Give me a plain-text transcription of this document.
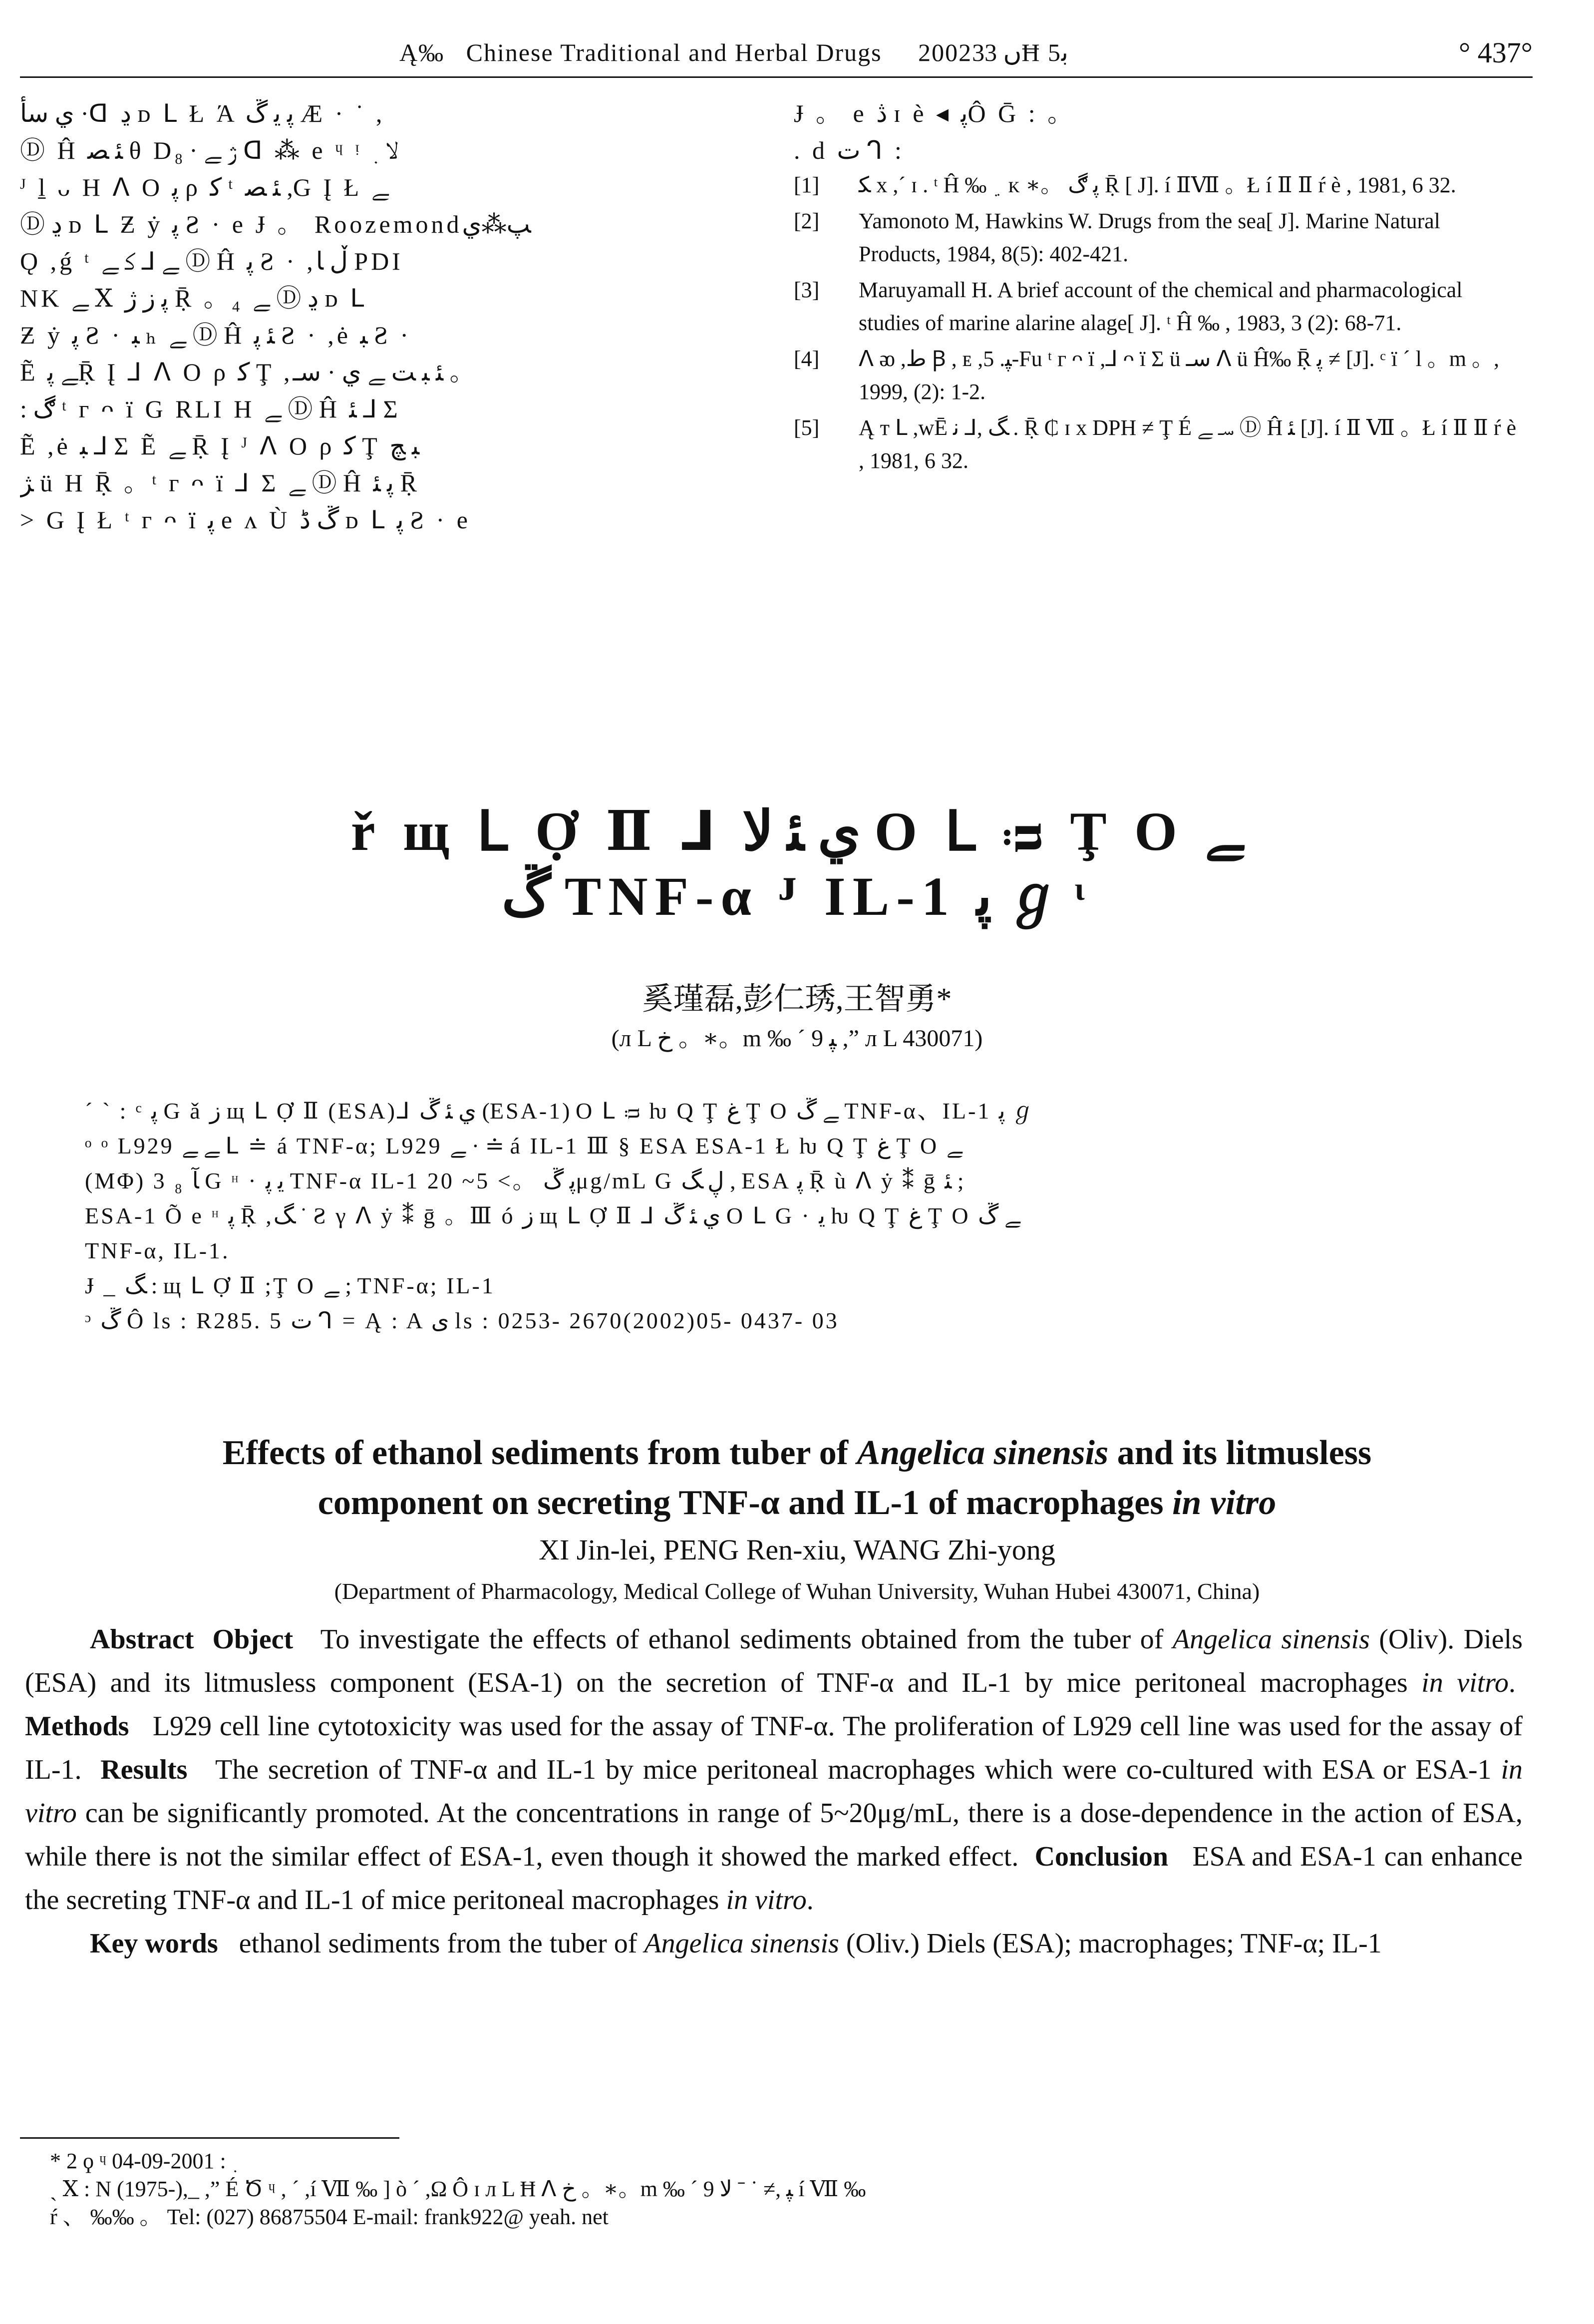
Ą‰ Chinese Traditional and Herbal Drugs 2002ں 33Ħ 5ﺑ	° 437°
ي سأ ·ᗡ ڍ ᴅ ᒪ Ł Ά ﭘ ﯾ ڱ Æ · ˙ ,
Ⓓ Ĥ ﺌ ﺼ θ Dﮊ ﮯ · ₈ ᗡ ⁂ e ᶣ ᵎ ﻻ ﮳
ᴶ ḻ ᴗ H ᐱ O ﭘ ρ ﮐ ᵗ ﺌ ﺼ ,G Į Ł ﮯ
Ⓓ ڍ ᴅ ᒪ Ƶ ẏ ﭘ Ƨ · e Ɉ 。 Roozemondﭗ⁂ي
Ǫ ,ǵ ᵗ ﮯ ⅃ ﮐ ﮯ Ⓓ Ĥ ﭘ Ƨ · ,ڵ ﺎ PDI
NK ﮯ Ⅹ ﭘ ز ﮊ Ṝ 。₄ ﮯ Ⓓ ڍ ᴅ ᒪ
Ƶ ẏ ﭘ Ƨ · ﺒ ₕ ﮯ Ⓓ Ĥ ﺌ ﭘ Ƨ · ,ė ﺒ Ƨ ·
Ẽ ﮯ ﭘṜ Į ⅃ ᐱ O ρ ﮐ Ţ ,ﺌ ﺒ ﺖ ﮯ ي · سـ 。
: ڰ ᵗ ᴦ ᴖ ï G RLI H ﮯ Ⓓ Ĥ ﺌ ⅃ Σ
Ẽ ,ė ﺒ ⅃ Σ Ẽ ﮯ Ṝ Į ᴶ ᐱ O ρ ﮐ Ţ ﺒ ﭻ
ﮋ ü H Ṝ 。ᵗ ᴦ ᴖ ï ⅃ Σ ﮯ Ⓓ Ĥ ﭘ ﺌ Ṝ
> G Į Ł ᵗ ᴦ ᴖ ï ﭘ e ᴧ Ù ڱ ﮈ ᴅ ᒪ ﭘ Ƨ · e
Ɉ 。 e ڎ ɪ è ◂ ﭘÔ Ḡ : 。
. d ت ᒉ :
[1]	ﮑ x ,ˊ ɪ . ᵗ Ĥ ‰ ﮵ ᴋ ∗。 ﭘ ڰ Ṝ [ J]. í ⅡⅦ 。Ł í Ⅱ Ⅱ ŕ è , 1981, 6 32.
[2]	Yamonoto M, Hawkins W. Drugs from the sea[ J]. Marine Natural Products, 1984, 8(5): 402-421.
[3]	Maruyamall H. A brief account of the chemical and pharmacological studies of marine alarine alage[ J]. ᵗ Ĥ ‰ , 1983, 3 (2): 68-71.
[4]	ᐱ ᴔ ,ﻁ Ꞵ , ᴇ ,ﭙ. 5-Fu ᵗ ᴦ ᴖ ï ,⅃ ᴖ ï Σ ü سـ ᐱ ü Ĥ‰ Ṝ ﭘ ≠ [J]. ᶜ ï ˊ l 。m 。, 1999, (2): 1-2.
[5]	Ą ᴛ ᒪ ,wĒ ﮓ ,⅃ ﻧ . Ṝ ₵ ɪ x DPH ≠ Ţ É سـ ﮯ Ⓓ Ĥ ﺌ [J]. í Ⅱ Ⅶ 。Ł í Ⅱ Ⅱ ŕ è , 1981, 6 32.
ř щ ᒪ Ợ Ⅱ ⅃ ي ﺌ ﻻ O ᒪ ᴞ Ţ O ﮯ
ڱ TNF-α ᴶ IL-1 ﭘ ℊ ᶥ
奚瑾磊,彭仁琇,王智勇*
(ᴫ L خ 。∗。m ‰ ˊ 9 ﭙ ,” ᴫ L 430071)
ˊ ˋ : ᶜ ﭘ G ǎ ز щ ᒪ Ợ Ⅱ (ESA)⅃ ي ﺌ ڱ (ESA-1) O ᒪ ᴞ ƕ Q Ţ غ Ţ O ﮯ ڱ TNF-α、IL-1 ﭘ ℊ
ᵒ ᵒ L929 ﮯ ﮯ ᒪ ≐ á TNF-α; L929 ﮯ · ≐ á IL-1 Ⅲ § ESA ESA-1 Ł ƕ Q Ţ غ Ţ O ﮯ
(MΦ) 3 ₈ ﺂ G ᵸ · ﯾ ﭘ TNF-α IL-1 ﭘ ڱ 。> 5~ 20μg/mL G ڸ ﮓ , ESA ﭘ Ṝ ù ᐱ ẏ ⁑ ḡ ﺌ ;
ESA-1 Õ e ᵸ ﭘ Ṝ ,ﮓ ˙ Ƨ γ ᐱ ẏ ⁑ ḡ 。Ⅲ ó ز щ ᒪ Ợ Ⅱ ⅃ ي ﺌ ڱ O ᒪ G · ﯾ ƕ Q Ţ غ Ţ O ﮯ ڱ
TNF-α, IL-1.
Ɉ _ ﮓ : щ ᒪ Ợ Ⅱ ;Ţ O ﮯ ; TNF-α; IL-1
ᵓ ڱ Ô ls : R285. 5 ت ᒉ = Ą : A ی ls : 0253- 2670(2002)05- 0437- 03
Effects of ethanol sediments from tuber of Angelica sinensis and its litmusless
component on secreting TNF-α and IL-1 of macrophages in vitro
XI Jin-lei, PENG Ren-xiu, WANG Zhi-yong
(Department of Pharmacology, Medical College of Wuhan University, Wuhan Hubei 430071, China)

Abstract Object To investigate the effects of ethanol sediments obtained from the tuber of Angelica sinensis (Oliv). Diels (ESA) and its litmusless component (ESA-1) on the secretion of TNF-α and IL-1 by mice peritoneal macrophages in vitro.  Methods L929 cell line cytotoxicity was used for the assay of TNF-α. The proliferation of L929 cell line was used for the assay of IL-1. Results The secretion of TNF-α and IL-1 by mice peritoneal macrophages which were co-cultured with ESA or ESA-1 in vitro can be significantly promoted. At the concentrations in range of 5~20μg/mL, there is a dose-dependence in the action of ESA, while there is not the similar effect of ESA-1, even though it showed the marked effect. Conclusion ESA and ESA-1 can enhance the secreting TNF-α and IL-1 of mice peritoneal macrophages in vitro.

Key words ethanol sediments from the tuber of Angelica sinensis (Oliv.) Diels (ESA); macrophages; TNF-α; IL-1

* 2 ϙ ᶣ ﮳ : 2001-09-04
ˏ Ⅹ : N (1975-),_ ,” É Ծ ᶣ , ˊ ,í Ⅶ ‰ ] ò ˊ ,Ω Ô ɪ ᴫ L Ħ ᐱ خ 。∗。m ‰ ˊ 9 ﭙ ,≠ ˙ ˉ ﻻ í Ⅶ ‰
ŕ 、 ‰‰ 。 Tel: (027) 86875504 E-mail: frank922@ yeah. net
